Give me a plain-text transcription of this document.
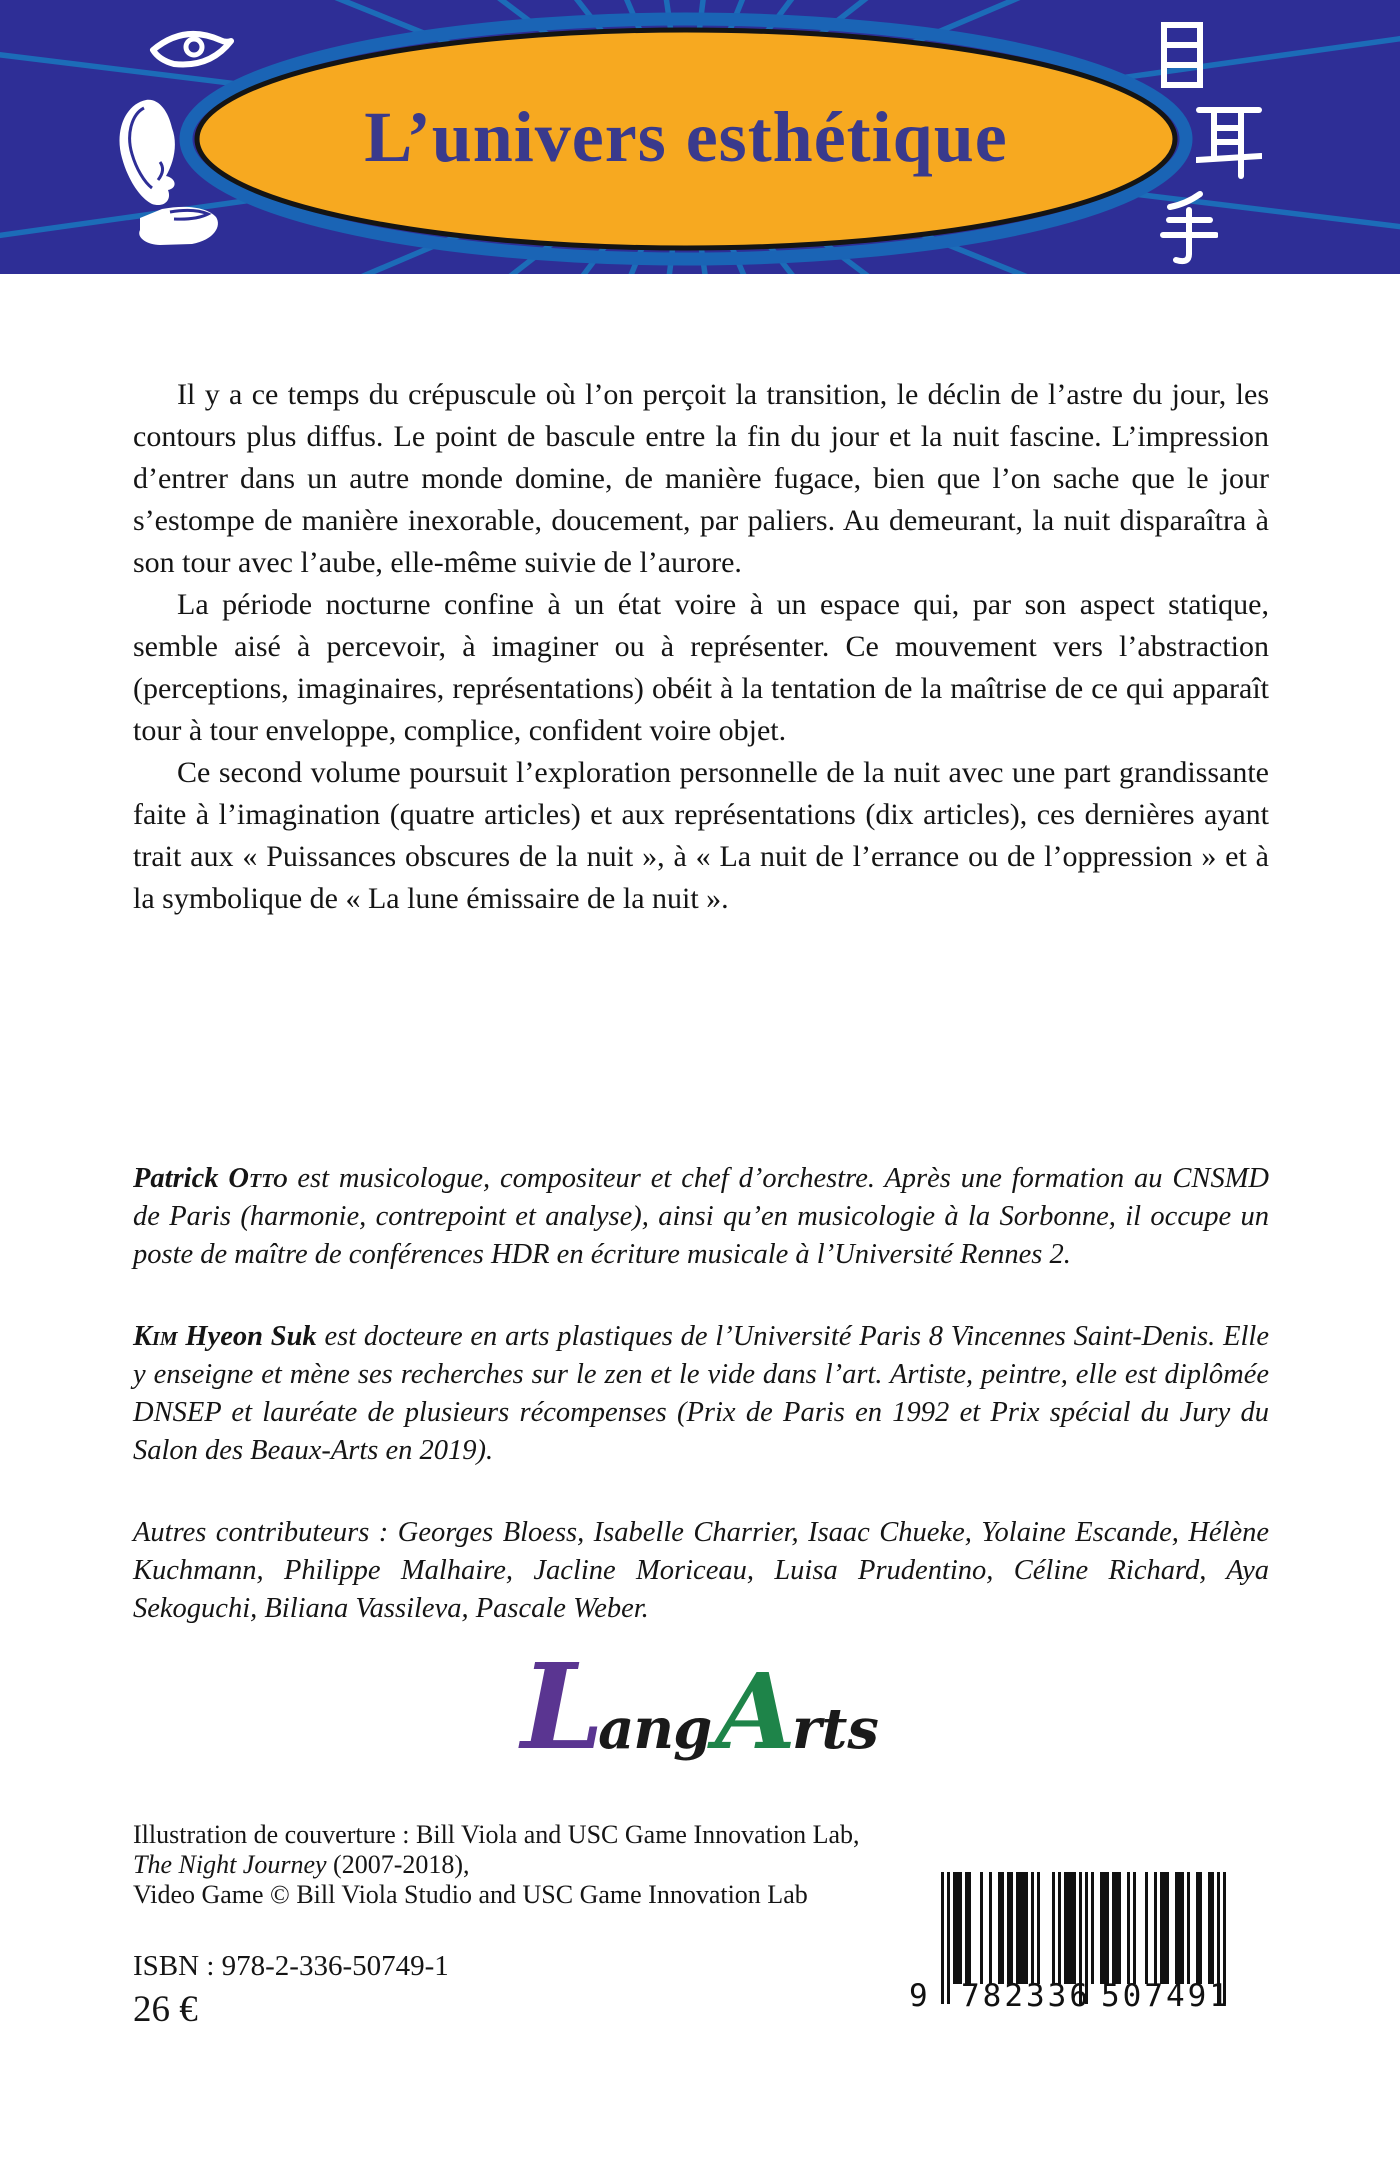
L’univers esthétique

Il y a ce temps du crépuscule où l’on perçoit la transition, le déclin de l’astre du jour, les contours plus diffus. Le point de bascule entre la fin du jour et la nuit fascine. L’impression d’entrer dans un autre monde domine, de manière fugace, bien que l’on sache que le jour s’estompe de manière inexorable, doucement, par paliers. Au demeurant, la nuit disparaîtra à son tour avec l’aube, elle-même suivie de l’aurore.

La période nocturne confine à un état voire à un espace qui, par son aspect statique, semble aisé à percevoir, à imaginer ou à représenter. Ce mouvement vers l’abstraction (perceptions, imaginaires, représentations) obéit à la tentation de la maîtrise de ce qui apparaît tour à tour enveloppe, complice, confident voire objet.

Ce second volume poursuit l’exploration personnelle de la nuit avec une part grandissante faite à l’imagination (quatre articles) et aux représentations (dix articles), ces dernières ayant trait aux « Puissances obscures de la nuit », à « La nuit de l’errance ou de l’oppression » et à la symbolique de « La lune émissaire de la nuit ».

Patrick Otto est musicologue, compositeur et chef d’orchestre. Après une formation au CNSMD de Paris (harmonie, contrepoint et analyse), ainsi qu’en musicologie à la Sorbonne, il occupe un poste de maître de conférences HDR en écriture musicale à l’Université Rennes 2.

Kim Hyeon Suk est docteure en arts plastiques de l’Université Paris 8 Vincennes Saint-Denis. Elle y enseigne et mène ses recherches sur le zen et le vide dans l’art. Artiste, peintre, elle est diplômée DNSEP et lauréate de plusieurs récompenses (Prix de Paris en 1992 et Prix spécial du Jury du Salon des Beaux-Arts en 2019).

Autres contributeurs : Georges Bloess, Isabelle Charrier, Isaac Chueke, Yolaine Escande, Hélène Kuchmann, Philippe Malhaire, Jacline Moriceau, Luisa Prudentino, Céline Richard, Aya Sekoguchi, Biliana Vassileva, Pascale Weber.

LangArts
Illustration de couverture : Bill Viola and USC Game Innovation Lab,
The Night Journey (2007-2018),
Video Game © Bill Viola Studio and USC Game Innovation Lab
ISBN : 978-2-336-50749-1
26 €	9 782336 507491
